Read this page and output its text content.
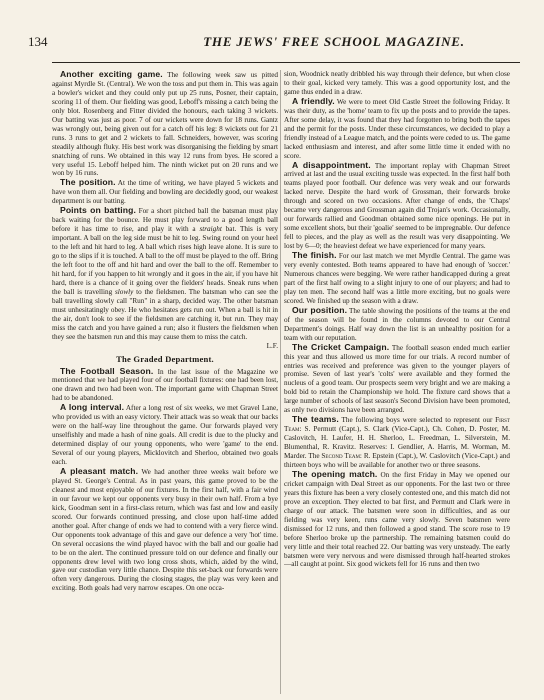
134	THE JEWS' FREE SCHOOL MAGAZINE.

Another exciting game. The following week saw us pitted against Myrdle St. (Central). We won the toss and put them in. This was again a bowler's wicket and they could only put up 25 runs, Posner, their captain, scoring 11 of them. Our fielding was good, Leboff's missing a catch being the only blot. Rosenberg and Fitter divided the honours, each taking 3 wickets. Our batting was just as poor. 7 of our wickets were down for 18 runs. Gantz was wrongly out, being given out for a catch off his leg: 8 wickets out for 21 runs. 3 runs to get and 2 wickets to fall. Schneiders, however, was scoring steadily although fluky. His best work was disorganising the fielding by smart snatching of runs. We obtained in this way 12 runs from byes. He scored a very useful 15. Leboff helped him. The ninth wicket put on 20 runs and we won by 16 runs.

The position. At the time of writing, we have played 5 wickets and have won them all. Our fielding and bowling are decidedly good, our weakest department is our batting.

Points on batting. For a short pitched ball the batsman must play back waiting for the bounce. He must play forward to a good length ball before it has time to rise, and play it with a straight bat. This is very important. A ball on the leg side must be hit to leg. Swing round on your heel to the left and hit hard to leg. A ball which rises high leave alone. It is sure to go to the slips if it is touched. A ball to the off must be played to the off. Bring the left foot to the off and hit hard and over the ball to the off. Remember to hit hard, for if you happen to hit wrongly and it goes in the air, if you have hit hard, there is a chance of it going over the fielders' heads. Sneak runs when the ball is travelling slowly to the fieldsmen. The batsman who can see the ball travelling slowly call "Run" in a sharp, decided way. The other batsman must unhesitatingly obey. He who hesitates gets run out. When a ball is hit in the air, don't look to see if the fieldsmen are catching it, but run. They may miss the catch and you have gained a run; also it flusters the fieldsmen when they see the batsmen run and this may cause them to miss the catch.

L.F.

The Graded Department.

The Football Season. In the last issue of the Magazine we mentioned that we had played four of our football fixtures: one had been lost, one drawn and two had been won. The important game with Chapman Street had to be abandoned.

A long interval. After a long rest of six weeks, we met Gravel Lane, who provided us with an easy victory. Their attack was so weak that our backs were on the half-way line throughout the game. Our forwards played very unselfishly and made a hash of nine goals. All credit is due to the plucky and determined display of our young opponents, who were 'game' to the end. Several of our young players, Micklovitch and Sherloo, obtained two goals each.

A pleasant match. We had another three weeks wait before we played St. George's Central. As in past years, this game proved to be the cleanest and most enjoyable of our fixtures. In the first half, with a fair wind in our favour we kept our opponents very busy in their own half. From a bye kick, Goodman sent in a first-class return, which was fast and low and easily scored. Our forwards continued pressing, and close upon half-time added another goal. After change of ends we had to contend with a very fierce wind. Our opponents took advantage of this and gave our defence a very 'hot' time. On several occasions the wind played havoc with the ball and our goalie had to be on the alert. The continued pressure told on our defence and finally our opponents drew level with two long cross shots, which, aided by the wind, gave our custodian very little chance. Despite this set-back our forwards were often very dangerous. During the closing stages, the play was very keen and exciting. Both goals had very narrow escapes. On one occa-

sion, Woodnick neatly dribbled his way through their defence, but when close to their goal, kicked very tamely. This was a good opportunity lost, and the game thus ended in a draw.

A friendly. We were to meet Old Castle Street the following Friday. It was their duty, as the 'home' team to fix up the posts and to provide the tapes. After some delay, it was found that they had forgotten to bring both the tapes and the permit for the posts. Under these circumstances, we decided to play a friendly instead of a League match, and the points were ceded to us. The game lacked enthusiasm and interest, and after some little time it ended with no score.

A disappointment. The important replay with Chapman Street arrived at last and the usual exciting tussle was expected. In the first half both teams played poor football. Our defence was very weak and our forwards lacked nerve. Despite the hard work of Grossman, their forwards broke through and scored on two occasions. After change of ends, the 'Chaps' became very dangerous and Grossman again did Trojan's work. Occasionally, our forwards rallied and Goodman obtained some nice openings. He put in some excellent shots, but their 'goalie' seemed to be impregnable. Our defence fell to pieces, and the play as well as the result was very disappointing. We lost by 6—0; the heaviest defeat we have experienced for many years.

The finish. For our last match we met Myrdle Central. The game was very evenly contested. Both teams appeared to have had enough of 'soccer.' Numerous chances were begging. We were rather handicapped during a great part of the first half owing to a slight injury to one of our players; and had to play ten men. The second half was a little more exciting, but no goals were scored. We finished up the season with a draw.

Our position. The table showing the positions of the teams at the end of the season will be found in the columns devoted to our Central Department's doings. Half way down the list is an unhealthy position for a team with our reputation.

The Cricket Campaign. The football season ended much earlier this year and thus allowed us more time for our trials. A record number of entries was received and preference was given to the younger players of promise. Seven of last year's 'colts' were available and they formed the nucleus of a good team. Our prospects seem very bright and we are making a bold bid to retain the Championship we hold. The fixture card shows that a large number of schools of last season's Second Division have been promoted, as only two divisions have been arranged.

The teams. The following boys were selected to represent our First Team: S. Permutt (Capt.), S. Clark (Vice-Capt.), Ch. Cohen, D. Poster, M. Caslovitch, H. Laufer, H. H. Sherloo, L. Freedman, L. Silverstein, M. Blumenthal, R. Kravitz. Reserves: I. Gendlier, A. Harris, M. Worman, M. Marder. The Second Team: R. Epstein (Capt.), W. Caslovitch (Vice-Capt.) and thirteen boys who will be available for another two or three seasons.

The opening match. On the first Friday in May we opened our cricket campaign with Deal Street as our opponents. For the last two or three years this fixture has been a very closely contested one, and this match did not prove an exception. They elected to bat first, and Permutt and Clark were in charge of our attack. The batsmen were soon in difficulties, and as our fielding was very keen, runs came very slowly. Seven batsmen were dismissed for 12 runs, and then followed a good stand. The score rose to 19 before Sherloo broke up the partnership. The remaining batsmen could do very little and their total reached 22. Our batting was very unsteady. The early batsmen were very nervous and were dismissed through half-hearted strokes—all caught at point. Six good wickets fell for 16 runs and then two
